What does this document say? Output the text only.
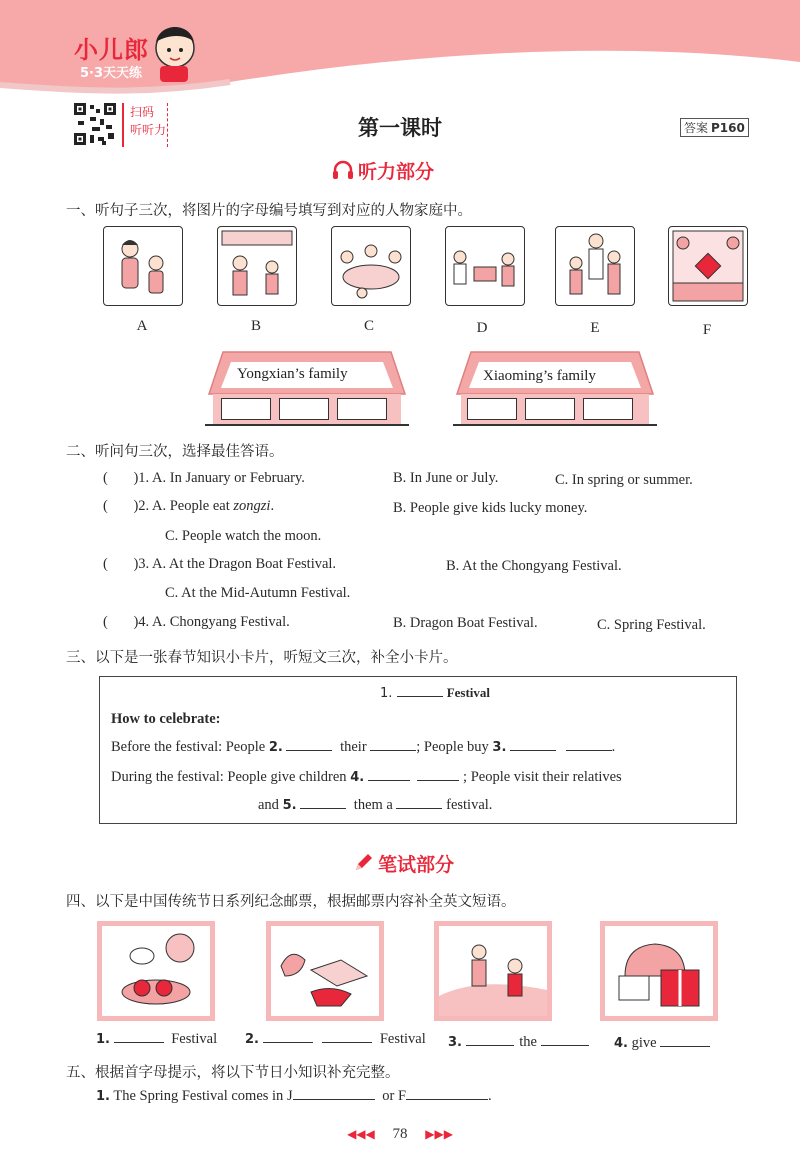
小儿郎
5·3天天练
扫码
听听力	第一课时	答案 P160
听力部分
一、听句子三次，将图片的字母编号填写到对应的人物家庭中。
A	B	C	D	E	F
Yongxian’s family	Xiaoming’s family
二、听问句三次，选择最佳答语。
( )1. A. In January or February.	B. In June or July.	C. In spring or summer.
( )2. A. People eat zongzi.	B. People give kids lucky money.
C. People watch the moon.
( )3. A. At the Dragon Boat Festival.	B. At the Chongyang Festival.
C. At the Mid-Autumn Festival.
( )4. A. Chongyang Festival.	B. Dragon Boat Festival.	C. Spring Festival.
三、以下是一张春节知识小卡片，听短文三次，补全小卡片。
1.	Festival
How to celebrate:
Before the festival: People 2.	their	; People buy 3.	.
During the festival: People give children 4.	; People visit their relatives
and 5.	them a	festival.
笔试部分
四、以下是中国传统节日系列纪念邮票，根据邮票内容补全英文短语。
1.	Festival 2.	Festival 3.	the	4. give
五、根据首字母提示，将以下节日小知识补充完整。
1. The Spring Festival comes in J	or F	.
◀◀◀ 78 ▶▶▶
